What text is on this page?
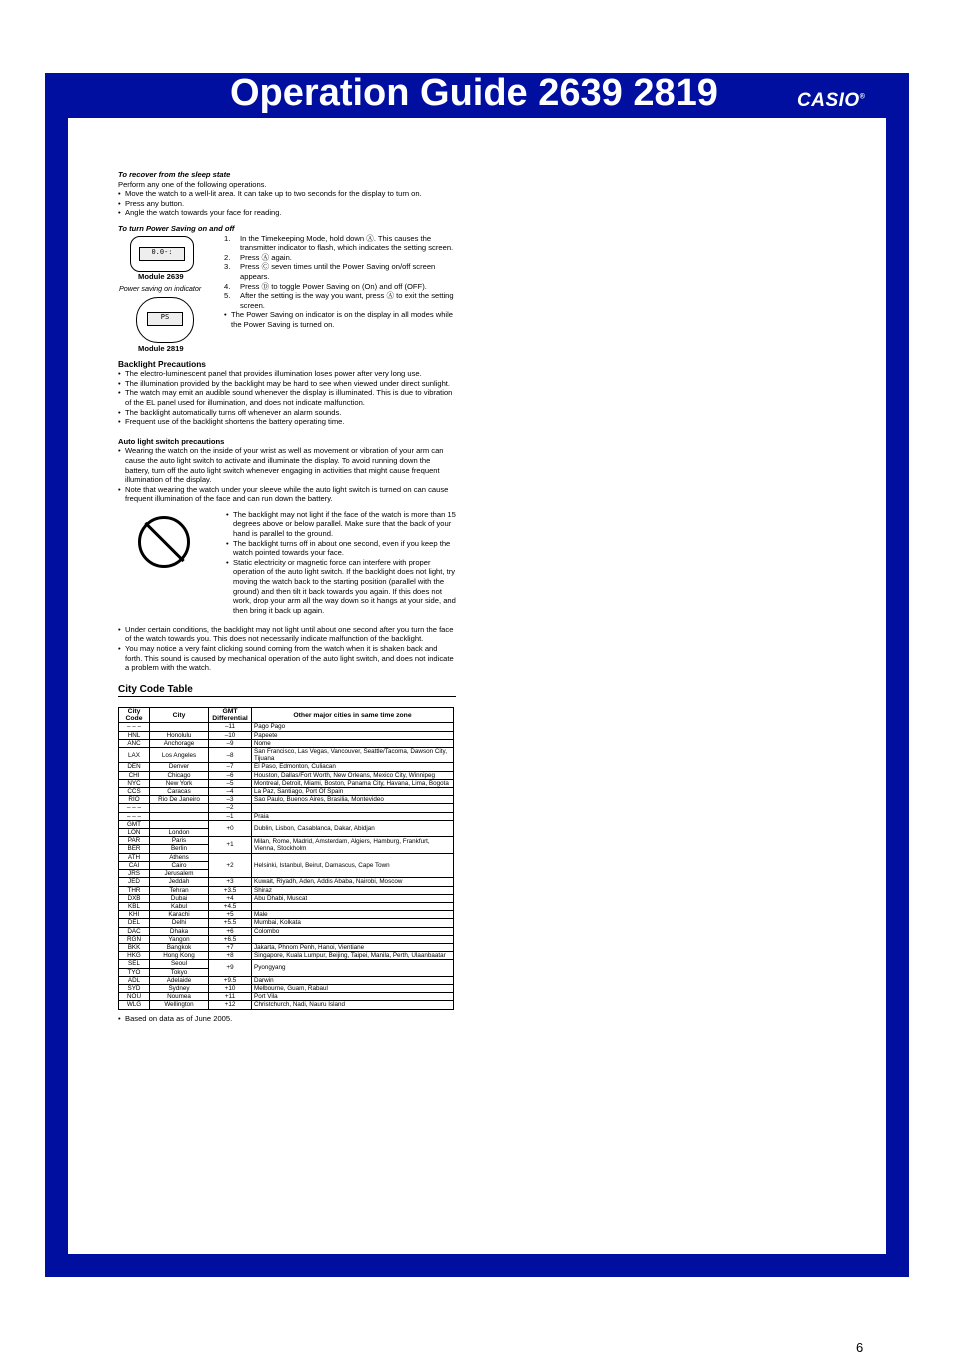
Operation Guide 2639 2819	CASIO®

To recover from the sleep state

Perform any one of the following operations.

• Move the watch to a well-lit area. It can take up to two seconds for the display to turn on.
• Press any button.
• Angle the watch towards your face for reading.

To turn Power Saving on and off

0.0-:
Module 2639
Power saving on indicator
PS
Module 2819
1. In the Timekeeping Mode, hold down Ⓐ. This causes the transmitter indicator to flash, which indicates the setting screen.
2. Press Ⓐ again.
3. Press Ⓒ seven times until the Power Saving on/off screen appears.
4. Press Ⓓ to toggle Power Saving on (On) and off (OFF).
5. After the setting is the way you want, press Ⓐ to exit the setting screen.
• The Power Saving on indicator is on the display in all modes while the Power Saving is turned on.

Backlight Precautions

• The electro-luminescent panel that provides illumination loses power after very long use.
• The illumination provided by the backlight may be hard to see when viewed under direct sunlight.
• The watch may emit an audible sound whenever the display is illuminated. This is due to vibration of the EL panel used for illumination, and does not indicate malfunction.
• The backlight automatically turns off whenever an alarm sounds.
• Frequent use of the backlight shortens the battery operating time.

Auto light switch precautions

• Wearing the watch on the inside of your wrist as well as movement or vibration of your arm can cause the auto light switch to activate and illuminate the display. To avoid running down the battery, turn off the auto light switch whenever engaging in activities that might cause frequent illumination of the display.
• Note that wearing the watch under your sleeve while the auto light switch is turned on can cause frequent illumination of the face and can run down the battery.
• The backlight may not light if the face of the watch is more than 15 degrees above or below parallel. Make sure that the back of your hand is parallel to the ground.
• The backlight turns off in about one second, even if you keep the watch pointed towards your face.
• Static electricity or magnetic force can interfere with proper operation of the auto light switch. If the backlight does not light, try moving the watch back to the starting position (parallel with the ground) and then tilt it back towards you again. If this does not work, drop your arm all the way down so it hangs at your side, and then bring it back up again.
• Under certain conditions, the backlight may not light until about one second after you turn the face of the watch towards you. This does not necessarily indicate malfunction of the backlight.
• You may notice a very faint clicking sound coming from the watch when it is shaken back and forth. This sound is caused by mechanical operation of the auto light switch, and does not indicate a problem with the watch.
City Code Table
City Code	City	GMT Differential	Other major cities in same time zone
– – –		–11	Pago Pago
HNL	Honolulu	–10	Papeete
ANC	Anchorage	–9	Nome
LAX	Los Angeles	–8	San Francisco, Las Vegas, Vancouver, Seattle/Tacoma, Dawson City, Tijuana
DEN	Denver	–7	El Paso, Edmonton, Culiacan
CHI	Chicago	–6	Houston, Dallas/Fort Worth, New Orleans, Mexico City, Winnipeg
NYC	New York	–5	Montreal, Detroit, Miami, Boston, Panama City, Havana, Lima, Bogota
CCS	Caracas	–4	La Paz, Santiago, Port Of Spain
RIO	Rio De Janeiro	–3	Sao Paulo, Buenos Aires, Brasilia, Montevideo
– – –		–2	
– – –		–1	Praia
GMT		+0	Dublin, Lisbon, Casablanca, Dakar, Abidjan
LON	London		
PAR	Paris	+1	Milan, Rome, Madrid, Amsterdam, Algiers, Hamburg, Frankfurt, Vienna, Stockholm
BER	Berlin		
ATH	Athens	+2	Helsinki, Istanbul, Beirut, Damascus, Cape Town
CAI	Cairo		
JRS	Jerusalem		
JED	Jeddah	+3	Kuwait, Riyadh, Aden, Addis Ababa, Nairobi, Moscow
THR	Tehran	+3.5	Shiraz
DXB	Dubai	+4	Abu Dhabi, Muscat
KBL	Kabul	+4.5	
KHI	Karachi	+5	Male
DEL	Delhi	+5.5	Mumbai, Kolkata
DAC	Dhaka	+6	Colombo
RGN	Yangon	+6.5	
BKK	Bangkok	+7	Jakarta, Phnom Penh, Hanoi, Vientiane
HKG	Hong Kong	+8	Singapore, Kuala Lumpur, Beijing, Taipei, Manila, Perth, Ulaanbaatar
SEL	Seoul	+9	Pyongyang
TYO	Tokyo		
ADL	Adelaide	+9.5	Darwin
SYD	Sydney	+10	Melbourne, Guam, Rabaul
NOU	Noumea	+11	Port Vila
WLG	Wellington	+12	Christchurch, Nadi, Nauru Island
• Based on data as of June 2005.
6
